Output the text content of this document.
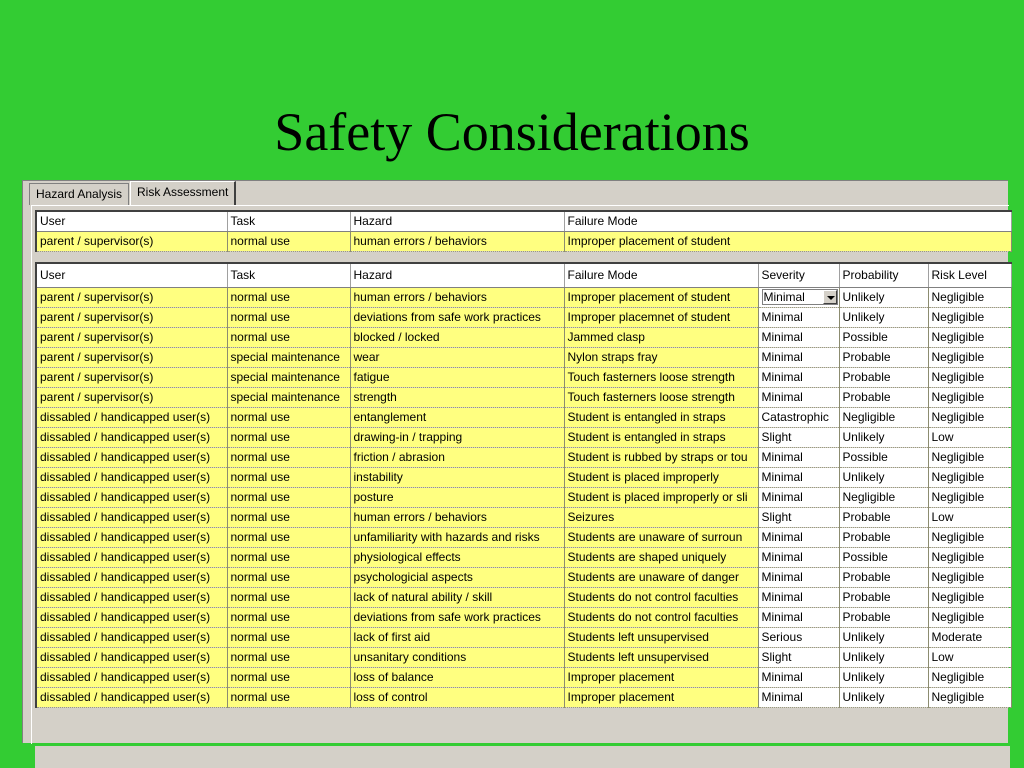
Safety Considerations
Hazard Analysis	Risk Assessment
User	Task	Hazard	Failure Mode
parent / supervisor(s)	normal use	human errors / behaviors	Improper placement of student
User	Task	Hazard	Failure Mode	Severity	Probability	Risk Level
parent / supervisor(s)	normal use	human errors / behaviors	Improper placement of student	Minimal	Unlikely	Negligible
parent / supervisor(s)	normal use	deviations from safe work practices	Improper placemnet of student	Minimal	Unlikely	Negligible
parent / supervisor(s)	normal use	blocked / locked	Jammed clasp	Minimal	Possible	Negligible
parent / supervisor(s)	special maintenance	wear	Nylon straps fray	Minimal	Probable	Negligible
parent / supervisor(s)	special maintenance	fatigue	Touch fasterners loose strength	Minimal	Probable	Negligible
parent / supervisor(s)	special maintenance	strength	Touch fasterners loose strength	Minimal	Probable	Negligible
dissabled / handicapped user(s)	normal use	entanglement	Student is entangled in straps	Catastrophic	Negligible	Negligible
dissabled / handicapped user(s)	normal use	drawing-in / trapping	Student is entangled in straps	Slight	Unlikely	Low
dissabled / handicapped user(s)	normal use	friction / abrasion	Student is rubbed by straps or tou	Minimal	Possible	Negligible
dissabled / handicapped user(s)	normal use	instability	Student is placed improperly	Minimal	Unlikely	Negligible
dissabled / handicapped user(s)	normal use	posture	Student is placed improperly or sli	Minimal	Negligible	Negligible
dissabled / handicapped user(s)	normal use	human errors / behaviors	Seizures	Slight	Probable	Low
dissabled / handicapped user(s)	normal use	unfamiliarity with hazards and risks	Students are unaware of surroun	Minimal	Probable	Negligible
dissabled / handicapped user(s)	normal use	physiological effects	Students are shaped uniquely	Minimal	Possible	Negligible
dissabled / handicapped user(s)	normal use	psychologicial aspects	Students are unaware of danger	Minimal	Probable	Negligible
dissabled / handicapped user(s)	normal use	lack of natural ability / skill	Students do not control faculties	Minimal	Probable	Negligible
dissabled / handicapped user(s)	normal use	deviations from safe work practices	Students do not control faculties	Minimal	Probable	Negligible
dissabled / handicapped user(s)	normal use	lack of first aid	Students left unsupervised	Serious	Unlikely	Moderate
dissabled / handicapped user(s)	normal use	unsanitary conditions	Students left unsupervised	Slight	Unlikely	Low
dissabled / handicapped user(s)	normal use	loss of balance	Improper placement	Minimal	Unlikely	Negligible
dissabled / handicapped user(s)	normal use	loss of control	Improper placement	Minimal	Unlikely	Negligible
